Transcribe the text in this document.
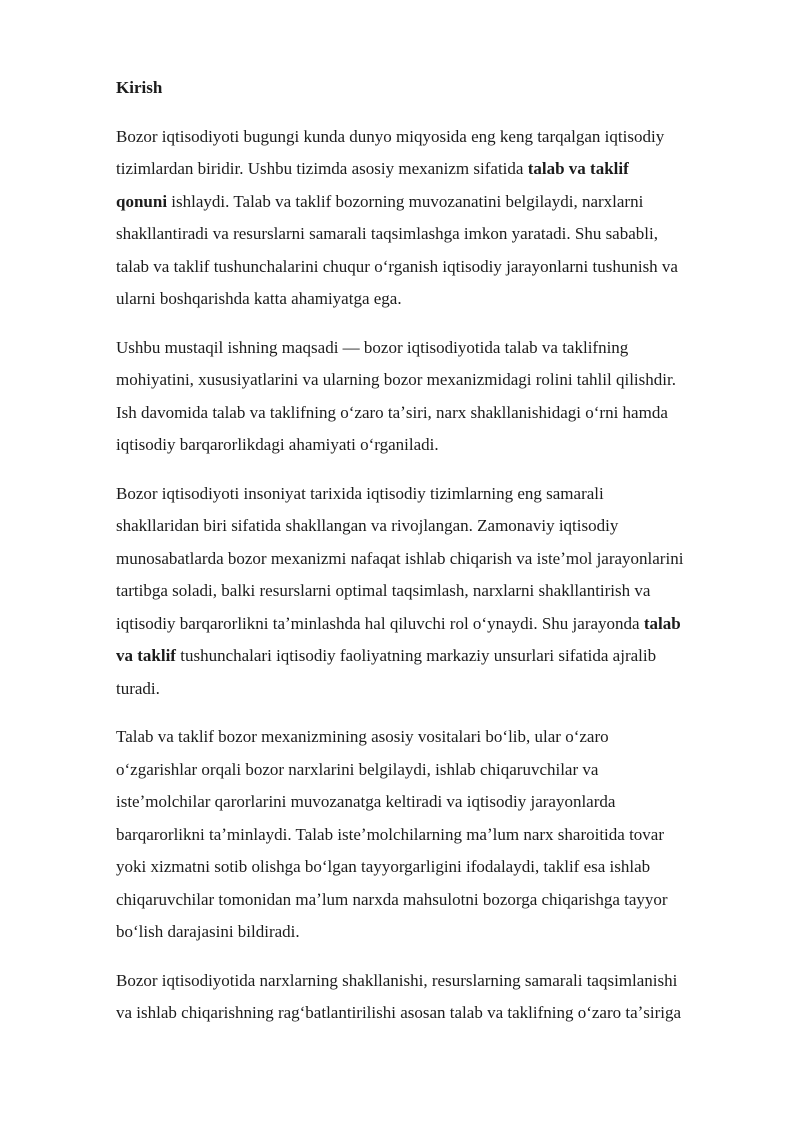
Kirish
Bozor iqtisodiyoti bugungi kunda dunyo miqyosida eng keng tarqalgan iqtisodiy
tizimlardan biridir. Ushbu tizimda asosiy mexanizm sifatida talab va taklif
qonuni ishlaydi. Talab va taklif bozorning muvozanatini belgilaydi, narxlarni
shakllantiradi va resurslarni samarali taqsimlashga imkon yaratadi. Shu sababli,
talab va taklif tushunchalarini chuqur oʻrganish iqtisodiy jarayonlarni tushunish va
ularni boshqarishda katta ahamiyatga ega.
Ushbu mustaqil ishning maqsadi — bozor iqtisodiyotida talab va taklifning
mohiyatini, xususiyatlarini va ularning bozor mexanizmidagi rolini tahlil qilishdir.
Ish davomida talab va taklifning oʻzaro taʼsiri, narx shakllanishidagi oʻrni hamda
iqtisodiy barqarorlikdagi ahamiyati oʻrganiladi.
Bozor iqtisodiyoti insoniyat tarixida iqtisodiy tizimlarning eng samarali
shakllaridan biri sifatida shakllangan va rivojlangan. Zamonaviy iqtisodiy
munosabatlarda bozor mexanizmi nafaqat ishlab chiqarish va isteʼmol jarayonlarini
tartibga soladi, balki resurslarni optimal taqsimlash, narxlarni shakllantirish va
iqtisodiy barqarorlikni taʼminlashda hal qiluvchi rol oʻynaydi. Shu jarayonda talab
va taklif tushunchalari iqtisodiy faoliyatning markaziy unsurlari sifatida ajralib
turadi.
Talab va taklif bozor mexanizmining asosiy vositalari boʻlib, ular oʻzaro
oʻzgarishlar orqali bozor narxlarini belgilaydi, ishlab chiqaruvchilar va
isteʼmolchilar qarorlarini muvozanatga keltiradi va iqtisodiy jarayonlarda
barqarorlikni taʼminlaydi. Talab isteʼmolchilarning maʼlum narx sharoitida tovar
yoki xizmatni sotib olishga boʻlgan tayyorgarligini ifodalaydi, taklif esa ishlab
chiqaruvchilar tomonidan maʼlum narxda mahsulotni bozorga chiqarishga tayyor
boʻlish darajasini bildiradi.
Bozor iqtisodiyotida narxlarning shakllanishi, resurslarning samarali taqsimlanishi
va ishlab chiqarishning ragʻbatlantirilishi asosan talab va taklifning oʻzaro taʼsiriga
